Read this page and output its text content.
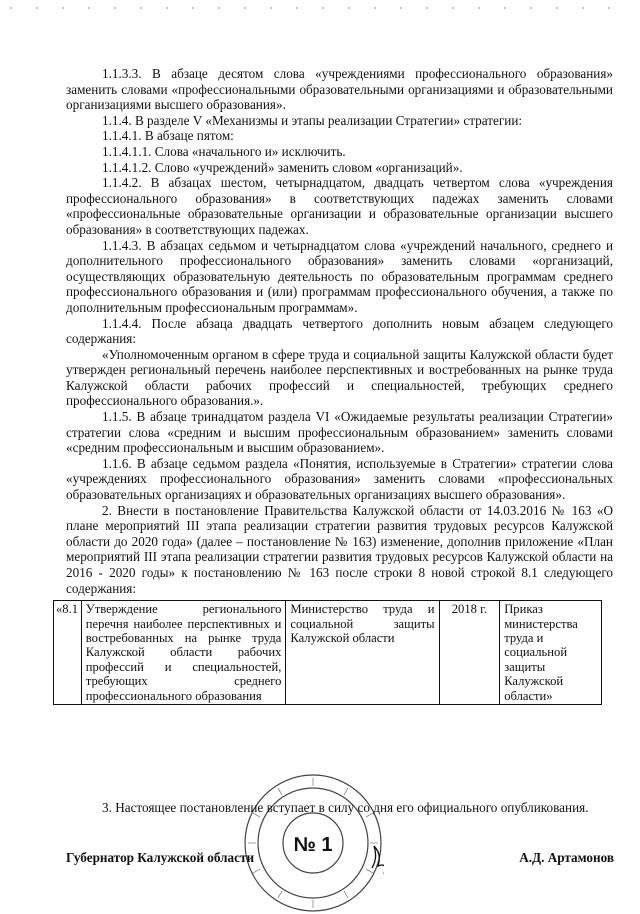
1.1.3.3. В абзаце десятом слова «учреждениями профессионального образования» заменить словами «профессиональными образовательными организациями и образовательными организациями высшего образования».

1.1.4. В разделе V «Механизмы и этапы реализации Стратегии» стратегии:

1.1.4.1. В абзаце пятом:

1.1.4.1.1. Слова «начального и» исключить.

1.1.4.1.2. Слово «учреждений» заменить словом «организаций».

1.1.4.2. В абзацах шестом, четырнадцатом, двадцать четвертом слова «учреждения профессионального образования» в соответствующих падежах заменить словами «профессиональные образовательные организации и образовательные организации высшего образования» в соответствующих падежах.

1.1.4.3. В абзацах седьмом и четырнадцатом слова «учреждений начального, среднего и дополнительного профессионального образования» заменить словами «организаций, осуществляющих образовательную деятельность по образовательным программам среднего профессионального образования и (или) программам профессионального обучения, а также по дополнительным профессиональным программам».

1.1.4.4. После абзаца двадцать четвертого дополнить новым абзацем следующего содержания:

«Уполномоченным органом в сфере труда и социальной защиты Калужской области будет утвержден региональный перечень наиболее перспективных и востребованных на рынке труда Калужской области рабочих профессий и специальностей, требующих среднего профессионального образования.».

1.1.5. В абзаце тринадцатом раздела VI «Ожидаемые результаты реализации Стратегии» стратегии слова «средним и высшим профессиональным образованием» заменить словами «средним профессиональным и высшим образованием».

1.1.6. В абзаце седьмом раздела «Понятия, используемые в Стратегии» стратегии слова «учреждениях профессионального образования» заменить словами «профессиональных образовательных организациях и образовательных организациях высшего образования».

2. Внести в постановление Правительства Калужской области от 14.03.2016 № 163 «О плане мероприятий III этапа реализации стратегии развития трудовых ресурсов Калужской области до 2020 года» (далее – постановление № 163) изменение, дополнив приложение «План мероприятий III этапа реализации стратегии развития трудовых ресурсов Калужской области на 2016 - 2020 годы» к постановлению № 163 после строки 8 новой строкой 8.1 следующего содержания:

«8.1	Утверждение регионального перечня наиболее перспективных и востребованных на рынке труда Калужской области рабочих профессий и специальностей, требующих среднего профессионального образования	Министерство труда и социальной защиты Калужской области	2018 г.	Приказ министерства труда и социальной защиты Калужской области»

3. Настоящее постановление вступает в силу со дня его официального опубликования.

Губернатор Калужской области	А.Д. Артамонов
№ 1
